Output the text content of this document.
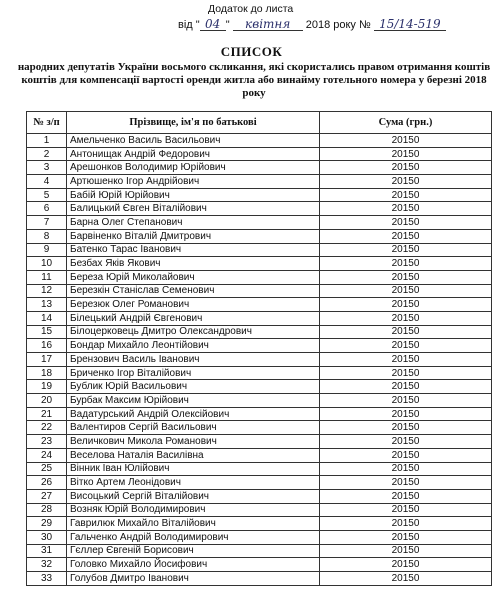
Додаток до листа
від " 04 " квітня 2018 року № 15/14-519
СПИСОК
народних депутатів України восьмого скликання, які скористались правом отримання коштів коштів для компенсації вартості оренди житла або винайму готельного номера у березні 2018 року
№ з/п	Прізвище, ім'я по батькові	Сума (грн.)
1	Амельченко Василь Васильович	20150
2	Антонищак Андрій Федорович	20150
3	Арешонков Володимир Юрійович	20150
4	Артюшенко Ігор Андрійович	20150
5	Бабій Юрій Юрійович	20150
6	Балицький Євген Віталійович	20150
7	Барна Олег Степанович	20150
8	Барвіненко Віталій Дмитрович	20150
9	Батенко Тарас Іванович	20150
10	Безбах Яків Якович	20150
11	Береза Юрій Миколайович	20150
12	Березкін Станіслав Семенович	20150
13	Березюк Олег Романович	20150
14	Білецький Андрій Євгенович	20150
15	Білоцерковець Дмитро Олександрович	20150
16	Бондар Михайло Леонтійович	20150
17	Брензович Василь Іванович	20150
18	Бриченко Ігор Віталійович	20150
19	Бублик Юрій Васильович	20150
20	Бурбак Максим Юрійович	20150
21	Вадатурський Андрій Олексійович	20150
22	Валентиров Сергій Васильович	20150
23	Величкович Микола Романович	20150
24	Веселова Наталія Василівна	20150
25	Вінник Іван Юлійович	20150
26	Вітко Артем Леонідович	20150
27	Висоцький Сергій Віталійович	20150
28	Возняк Юрій Володимирович	20150
29	Гаврилюк Михайло Віталійович	20150
30	Гальченко Андрій Володимирович	20150
31	Гєллер Євгеній Борисович	20150
32	Головко Михайло Йосифович	20150
33	Голубов Дмитро Іванович	20150
